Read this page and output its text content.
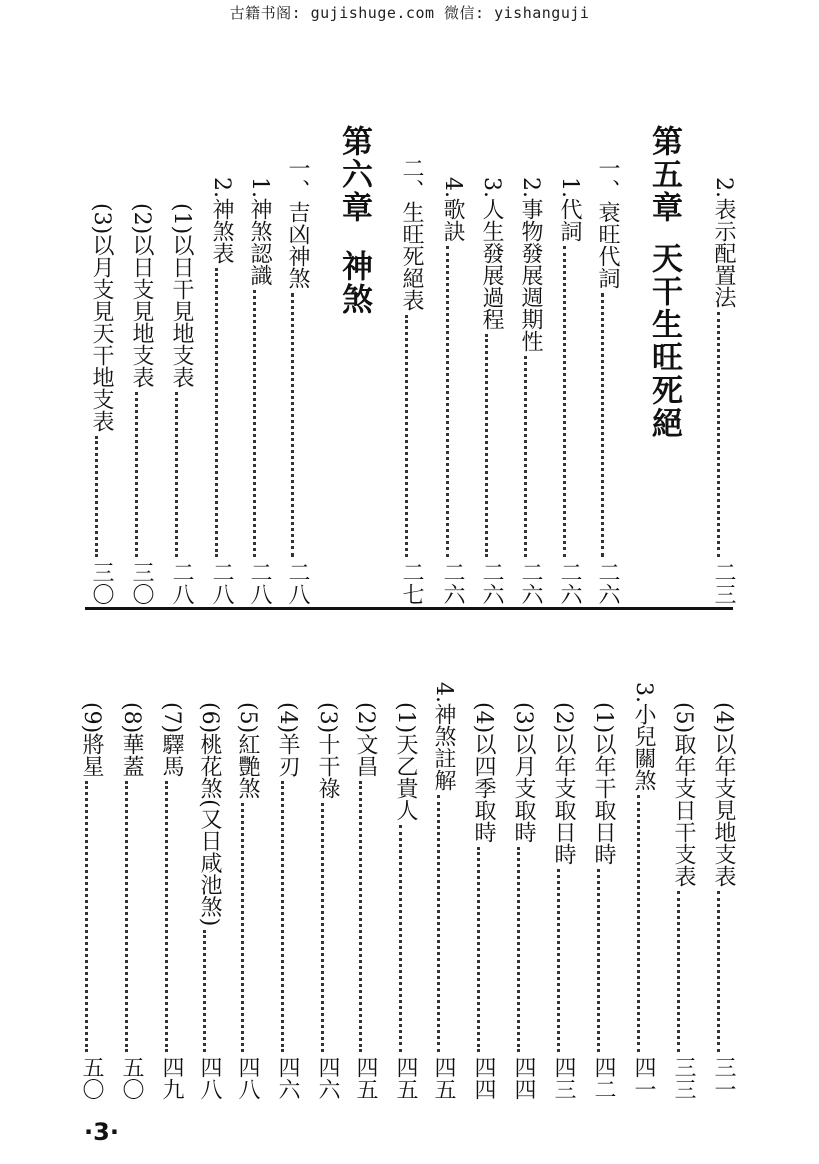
古籍书阁: gujishuge.com 微信: yishanguji
2.表示配置法
二三
第五章天干生旺死絕
一、衰旺代詞
二六
1.代詞
二六
2.事物發展週期性
二六
3.人生發展過程
二六
4.歌訣
二六
二、生旺死絕表
二七
第六章神煞
一、吉凶神煞
二八
1.神煞認識
二八
2.神煞表
二八
(1)以日干見地支表
二八
(2)以日支見地支表
三〇
(3)以月支見天干地支表
三〇
(4)以年支見地支表
三一
(5)取年支日干支表
三三
3.小兒關煞
四一
(1)以年干取日時
四二
(2)以年支取日時
四三
(3)以月支取時
四四
(4)以四季取時
四四
4.神煞註解
四五
(1)天乙貴人
四五
(2)文昌
四五
(3)十干祿
四六
(4)羊刃
四六
(5)紅艷煞
四八
(6)桃花煞(又日咸池煞)
四八
(7)驛馬
四九
(8)華蓋
五〇
(9)將星
五〇
·3·
